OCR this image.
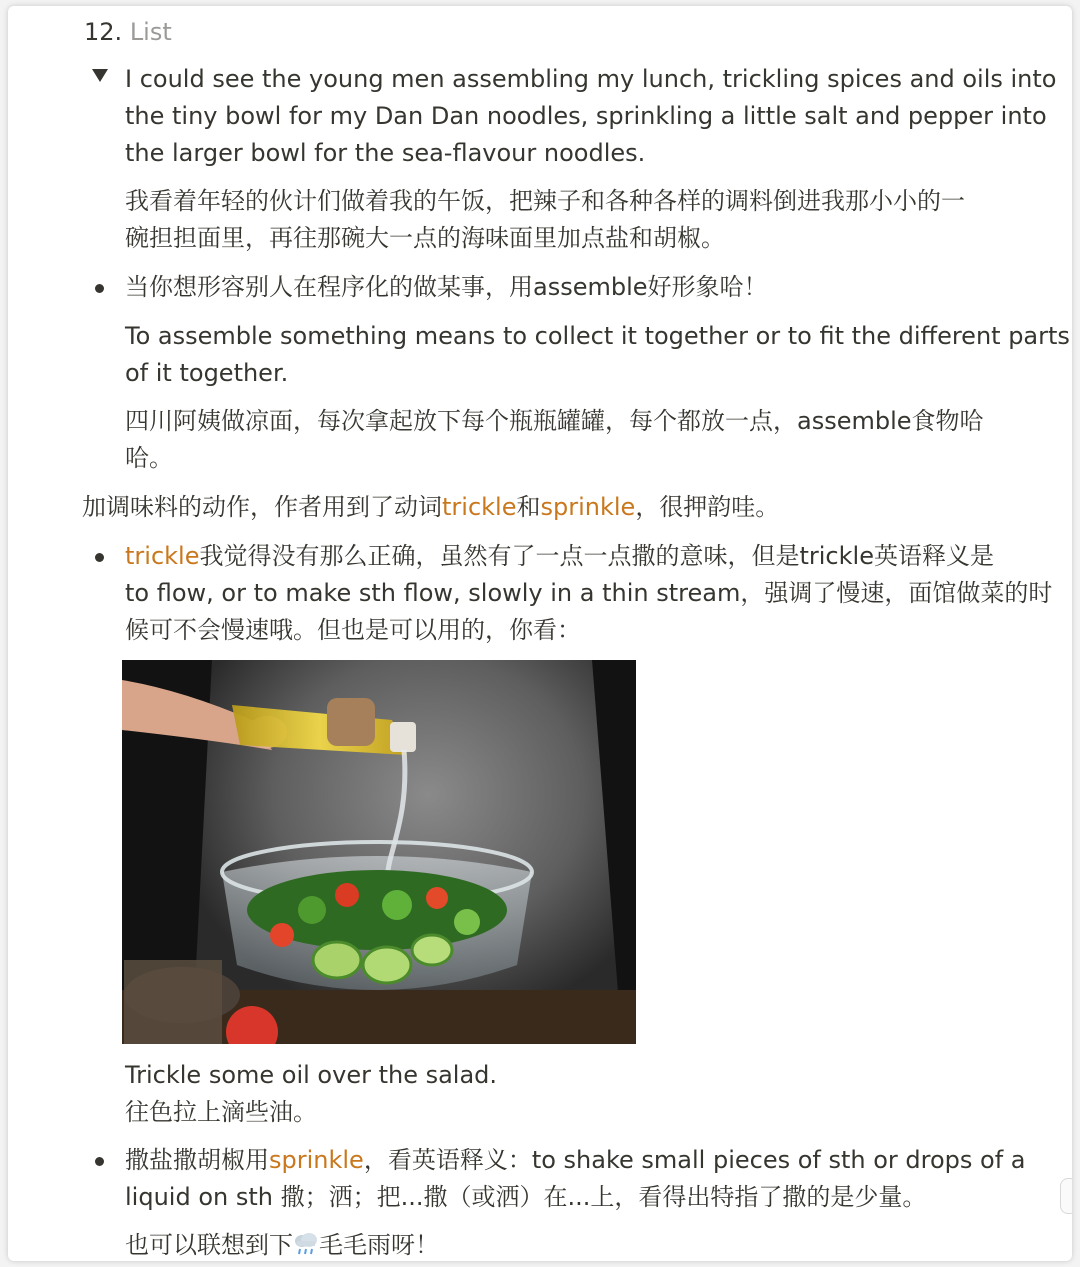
12. List
I could see the young men assembling my lunch, trickling spices and oils into
the tiny bowl for my Dan Dan noodles, sprinkling a little salt and pepper into
the larger bowl for the sea-flavour noodles.
我看着年轻的伙计们做着我的午饭，把辣子和各种各样的调料倒进我那小小的一
碗担担面里，再往那碗大一点的海味面里加点盐和胡椒。
当你想形容别人在程序化的做某事，用assemble好形象哈！
To assemble something means to collect it together or to fit the different parts
of it together.
四川阿姨做凉面，每次拿起放下每个瓶瓶罐罐，每个都放一点，assemble食物哈
哈。
加调味料的动作，作者用到了动词trickle和sprinkle，很押韵哇。
trickle我觉得没有那么正确，虽然有了一点一点撒的意味，但是trickle英语释义是
to flow, or to make sth flow, slowly in a thin stream，强调了慢速，面馆做菜的时
候可不会慢速哦。但也是可以用的，你看：
Trickle some oil over the salad.
往色拉上滴些油。
撒盐撒胡椒用sprinkle，看英语释义：to shake small pieces of sth or drops of a
liquid on sth 撒；洒；把...撒（或洒）在...上，看得出特指了撒的是少量。
也可以联想到下 毛毛雨呀！
